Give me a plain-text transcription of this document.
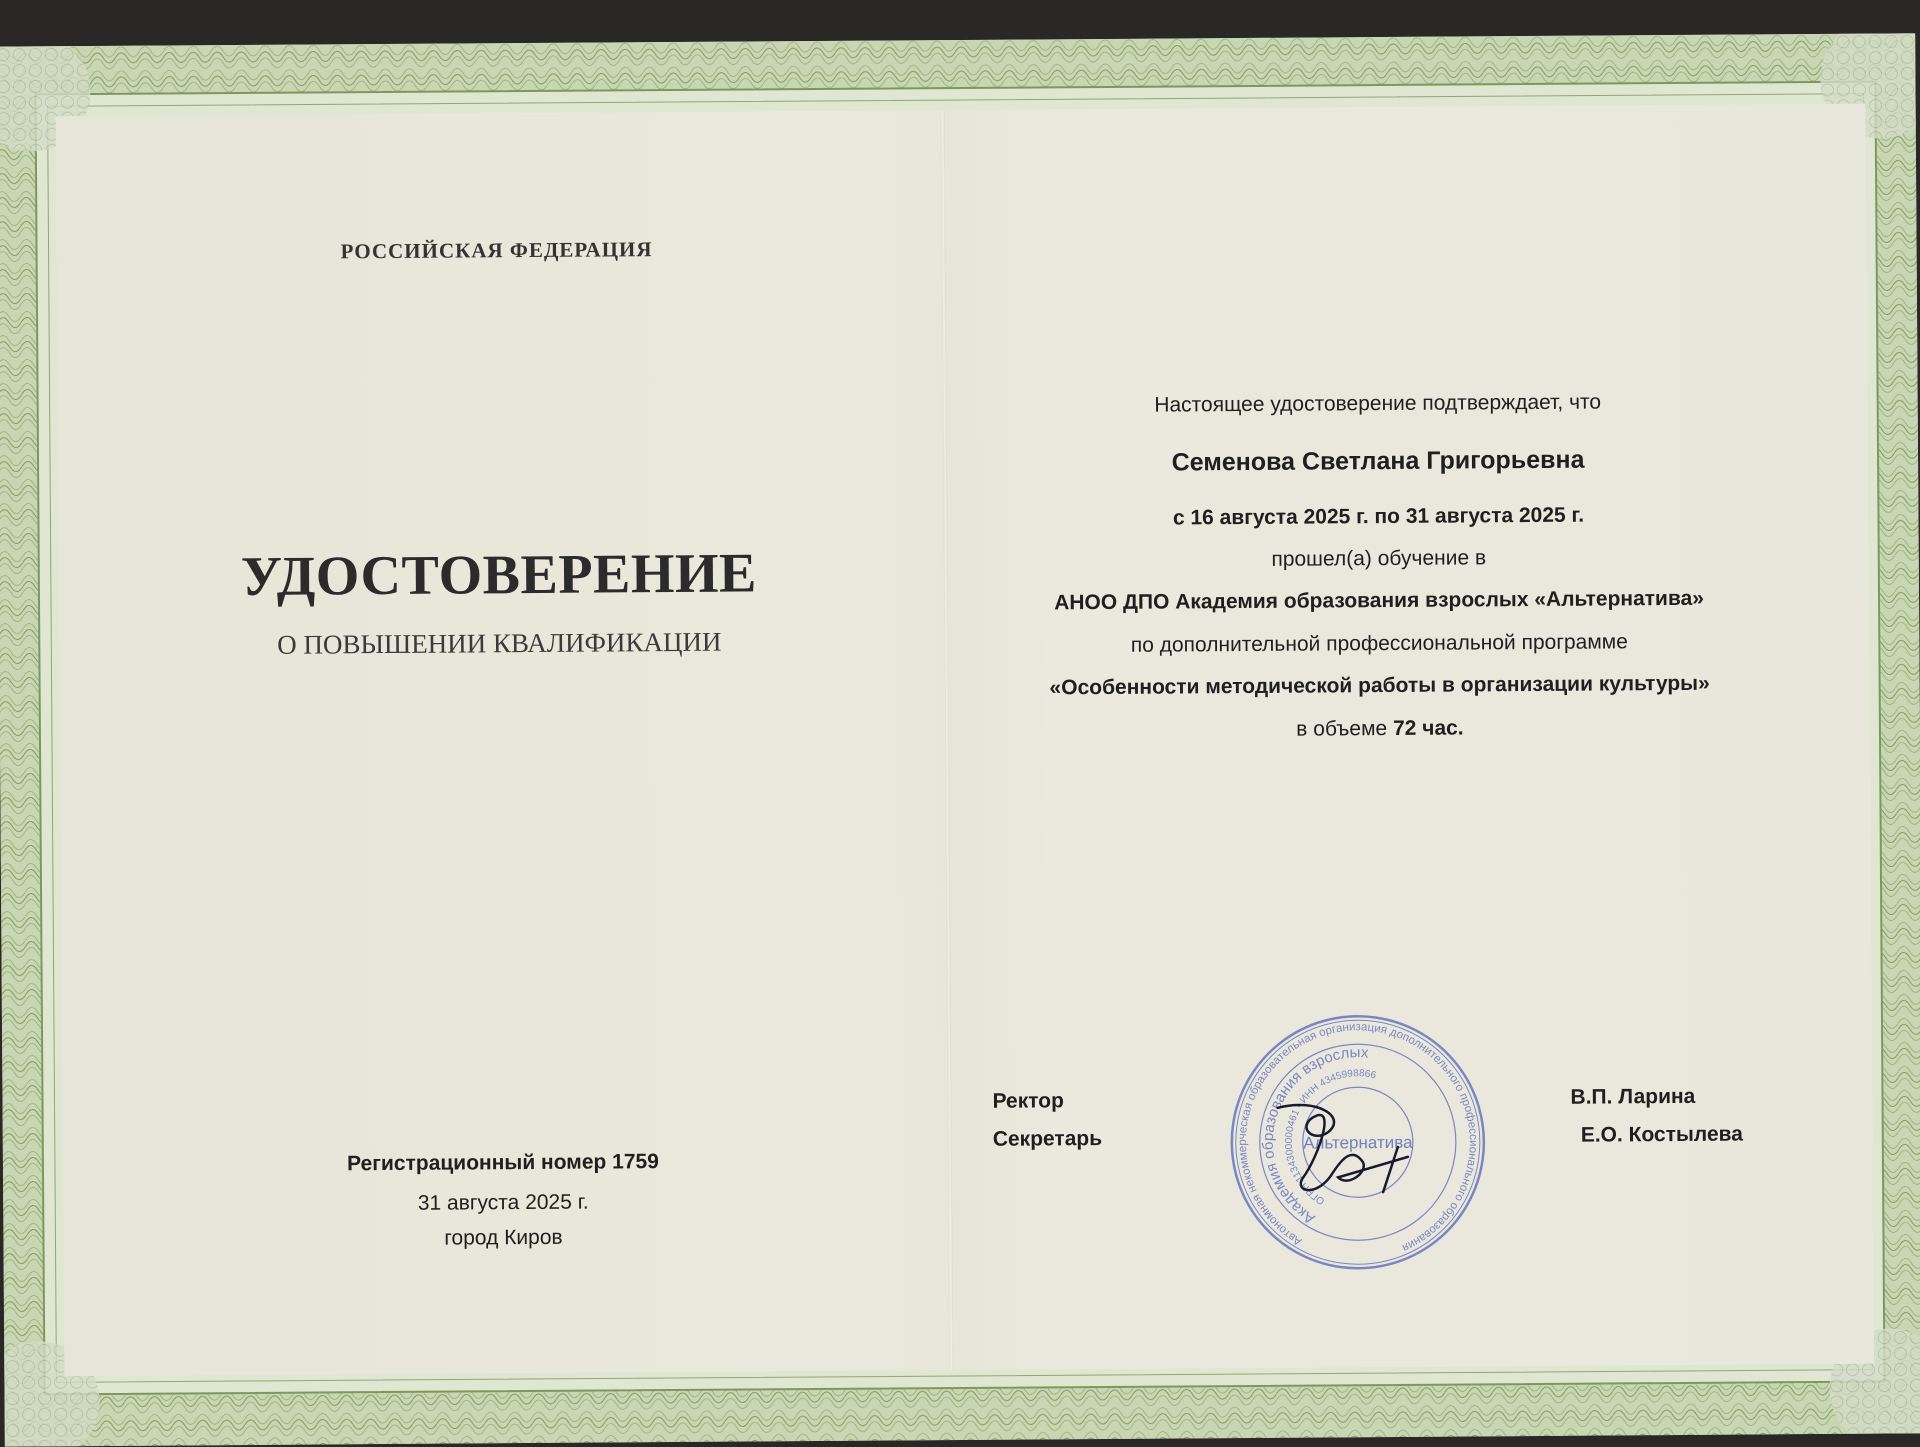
РОССИЙСКАЯ ФЕДЕРАЦИЯ
УДОСТОВЕРЕНИЕ
О ПОВЫШЕНИИ КВАЛИФИКАЦИИ
Регистрационный номер 1759
31 августа 2025 г.
город Киров
Настоящее удостоверение подтверждает, что
Семенова Светлана Григорьевна
с 16 августа 2025 г. по 31 августа 2025 г.
прошел(а) обучение в
АНОО ДПО Академия образования взрослых «Альтернатива»
по дополнительной профессиональной программе
«Особенности методической работы в организации культуры»
в объеме 72 час.
Ректор
Секретарь
В.П. Ларина
Е.О. Костылева
Автономная некоммерческая образовательная организация дополнительного профессионального образования
Академия образования взрослых
ОГРН 1134300000461 • ИНН 4345998866
Альтернатива
